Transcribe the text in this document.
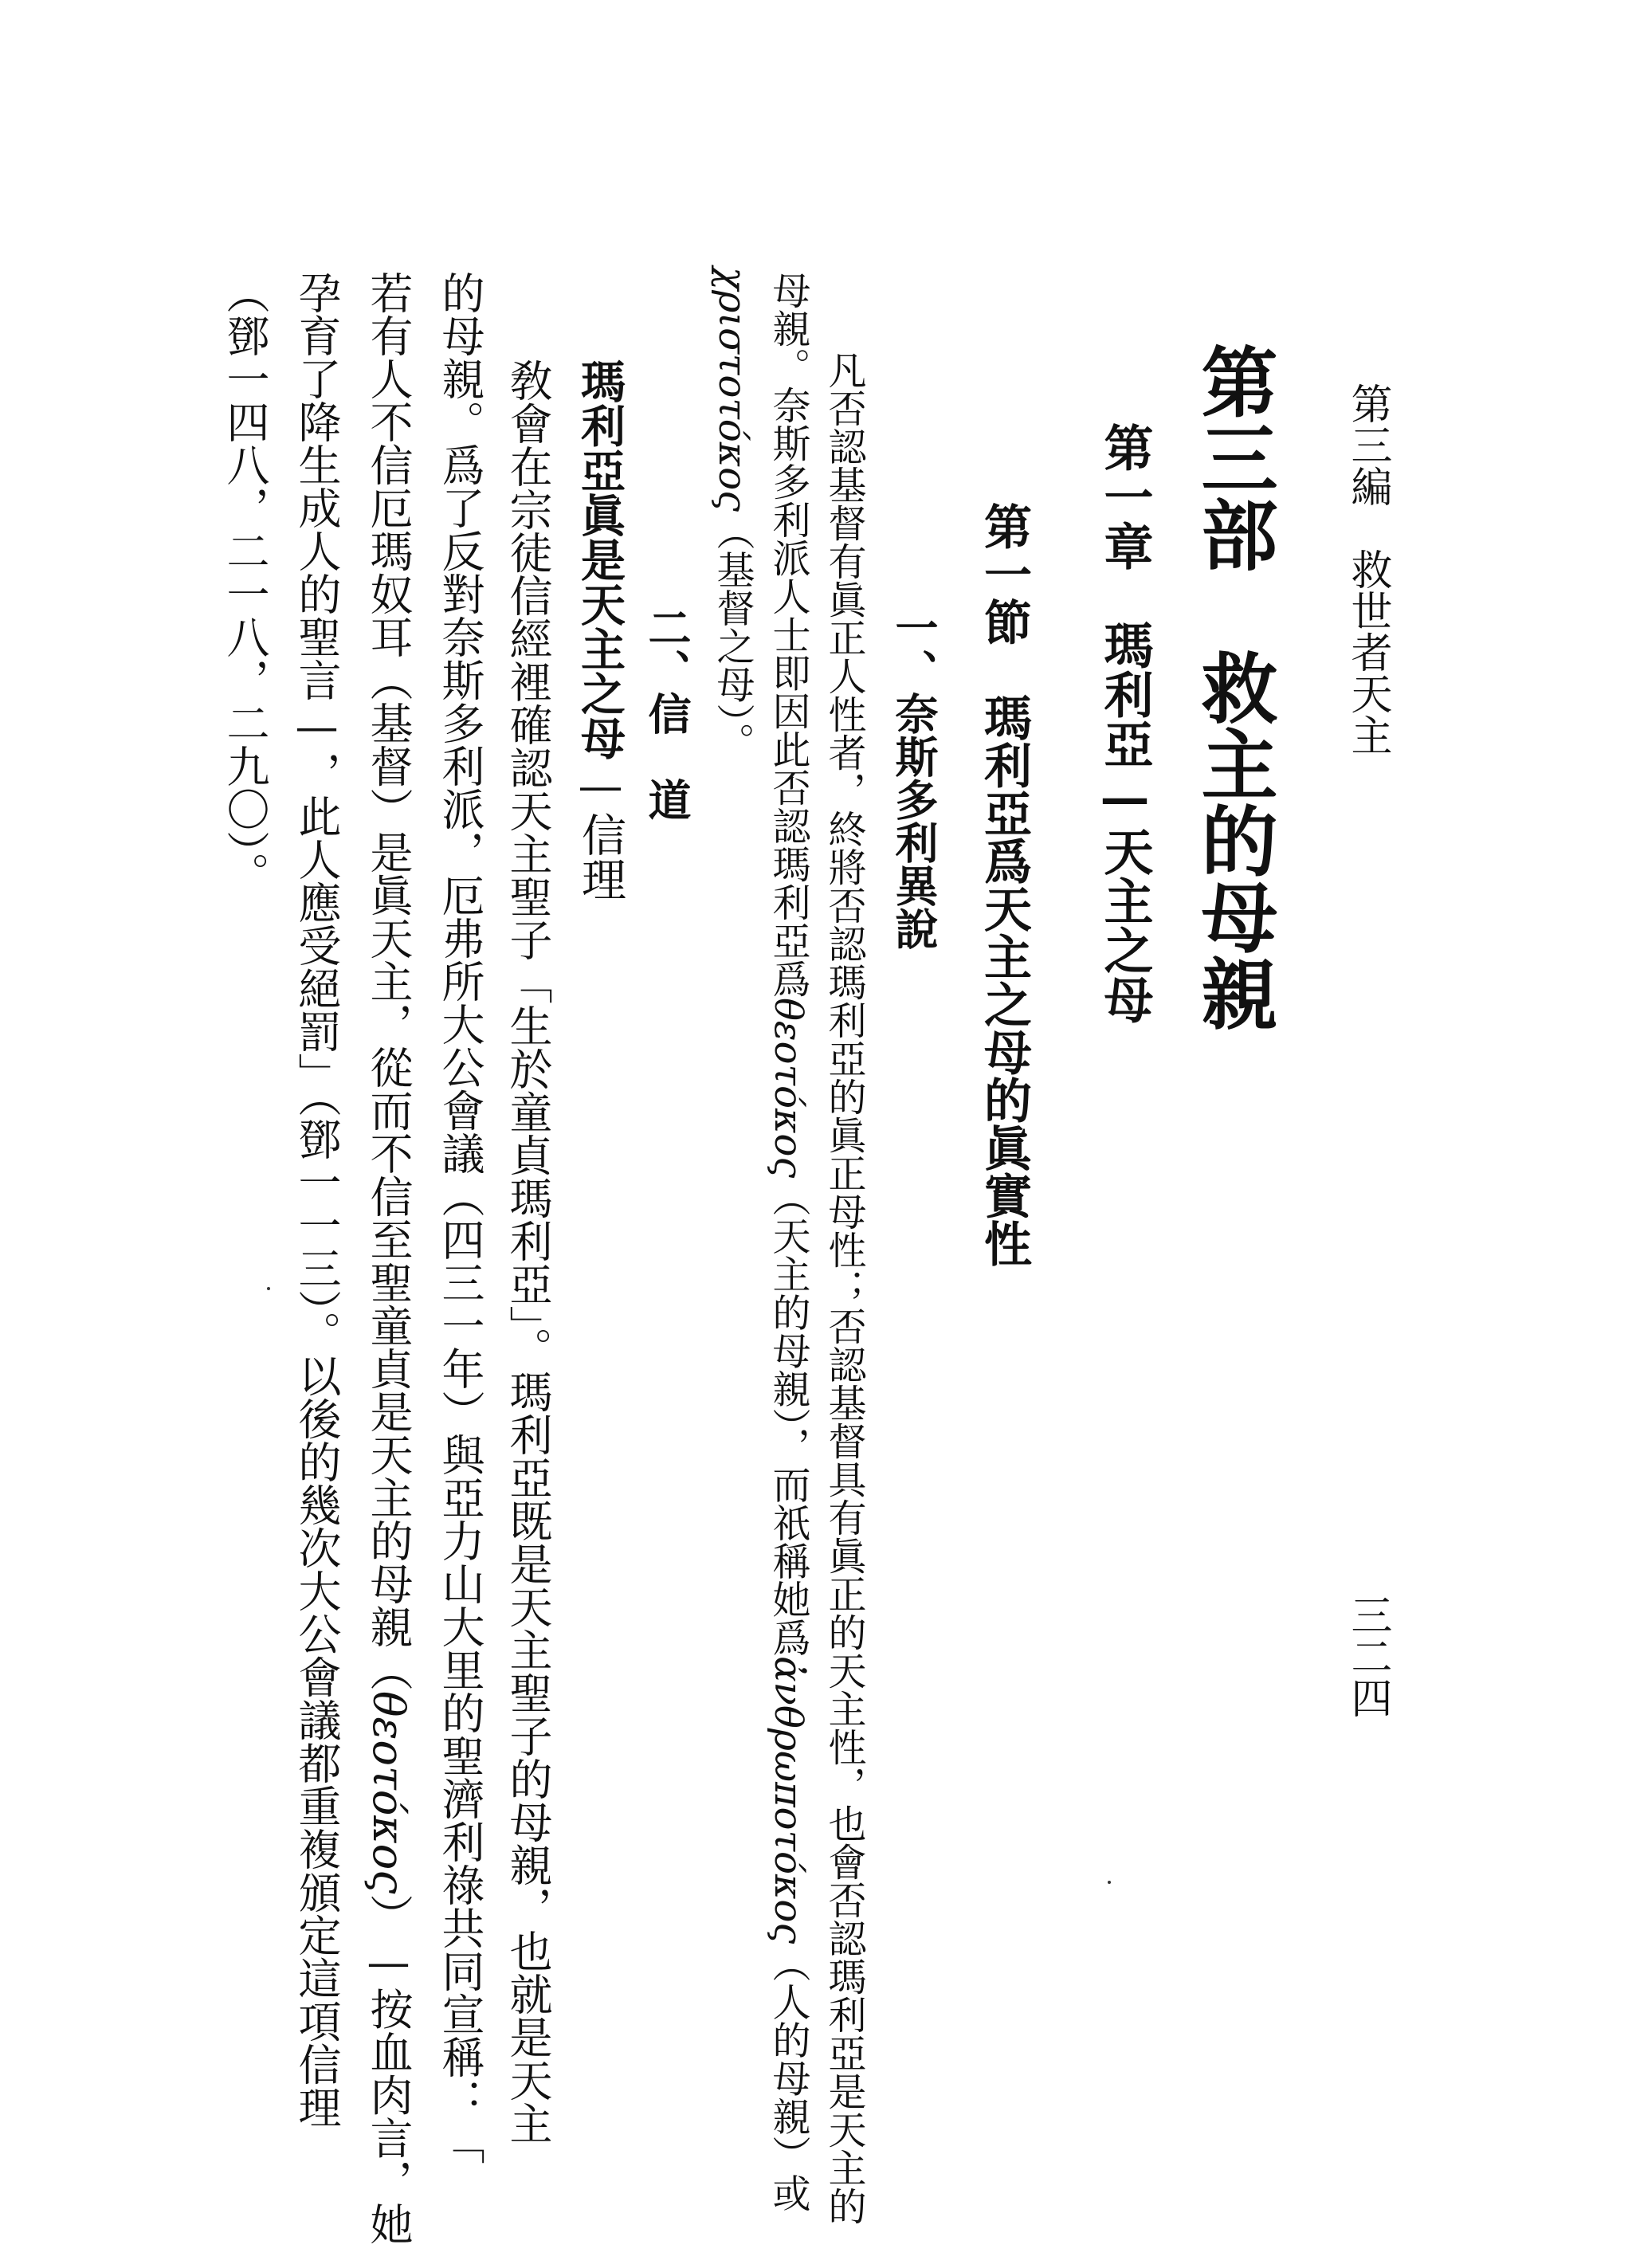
第三編　救世者天主
三二四
第三部　救主的母親
第一章　瑪利亞—天主之母
第一節　瑪利亞爲天主之母的眞實性
一、奈斯多利異說

凡否認基督有眞正人性者，終將否認瑪利亞的眞正母性；否認基督具有眞正的天主性，也會否認瑪利亞是天主的

母親。奈斯多利派人士即因此否認瑪利亞爲θεοτόκος（天主的母親），而祇稱她爲ἀνθρωποτόκος（人的母親）或

χριστοτόκος（基督之母）。

二、信　道

瑪利亞眞是天主之母—信理

敎會在宗徒信經裡確認天主聖子「生於童貞瑪利亞」。瑪利亞既是天主聖子的母親，也就是天主

的母親。爲了反對奈斯多利派，厄弗所大公會議（四三一年）與亞力山大里的聖濟利祿共同宣稱：「

若有人不信厄瑪奴耳（基督）是眞天主，從而不信至聖童貞是天主的母親（θεοτόκος）—按血肉言，她

孕育了降生成人的聖言—，此人應受絕罰」（鄧一一三）。以後的幾次大公會議都重複頒定這項信理

（鄧一四八，二一八，二九〇）。
